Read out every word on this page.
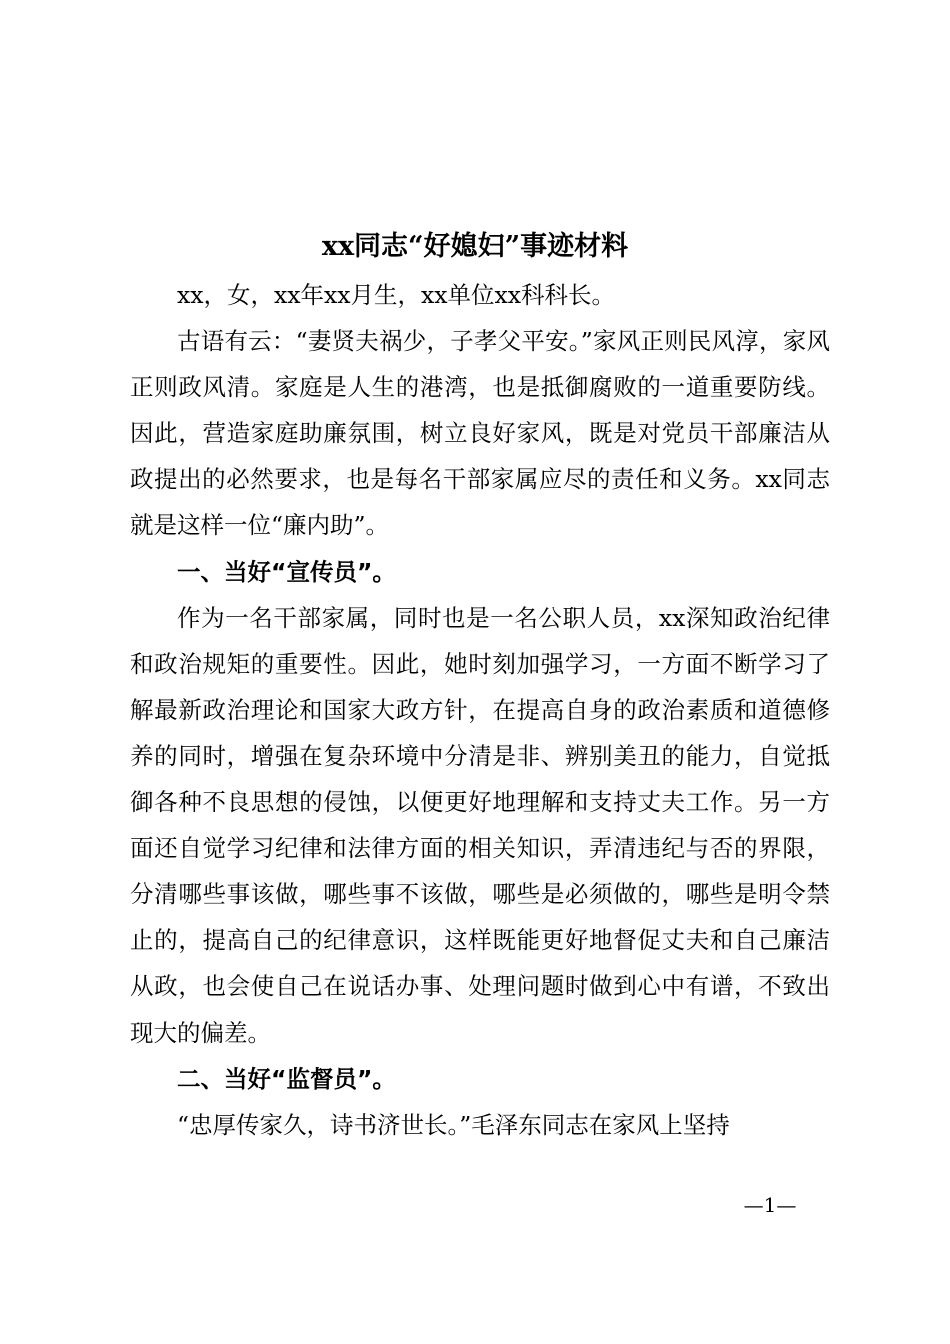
xx同志“好媳妇”事迹材料

xx，女，xx年xx月生，xx单位xx科科长。

古语有云：“妻贤夫祸少，子孝父平安。”家风正则民风淳，家风正则政风清。家庭是人生的港湾，也是抵御腐败的一道重要防线。因此，营造家庭助廉氛围，树立良好家风，既是对党员干部廉洁从政提出的必然要求，也是每名干部家属应尽的责任和义务。xx同志就是这样一位“廉内助”。

一、当好“宣传员”。

作为一名干部家属，同时也是一名公职人员，xx深知政治纪律和政治规矩的重要性。因此，她时刻加强学习，一方面不断学习了解最新政治理论和国家大政方针，在提高自身的政治素质和道德修养的同时，增强在复杂环境中分清是非、辨别美丑的能力，自觉抵御各种不良思想的侵蚀，以便更好地理解和支持丈夫工作。另一方面还自觉学习纪律和法律方面的相关知识，弄清违纪与否的界限，分清哪些事该做，哪些事不该做，哪些是必须做的，哪些是明令禁止的，提高自己的纪律意识，这样既能更好地督促丈夫和自己廉洁从政，也会使自己在说话办事、处理问题时做到心中有谱，不致出现大的偏差。

二、当好“监督员”。

“忠厚传家久，诗书济世长。”毛泽东同志在家风上坚持

—1—
